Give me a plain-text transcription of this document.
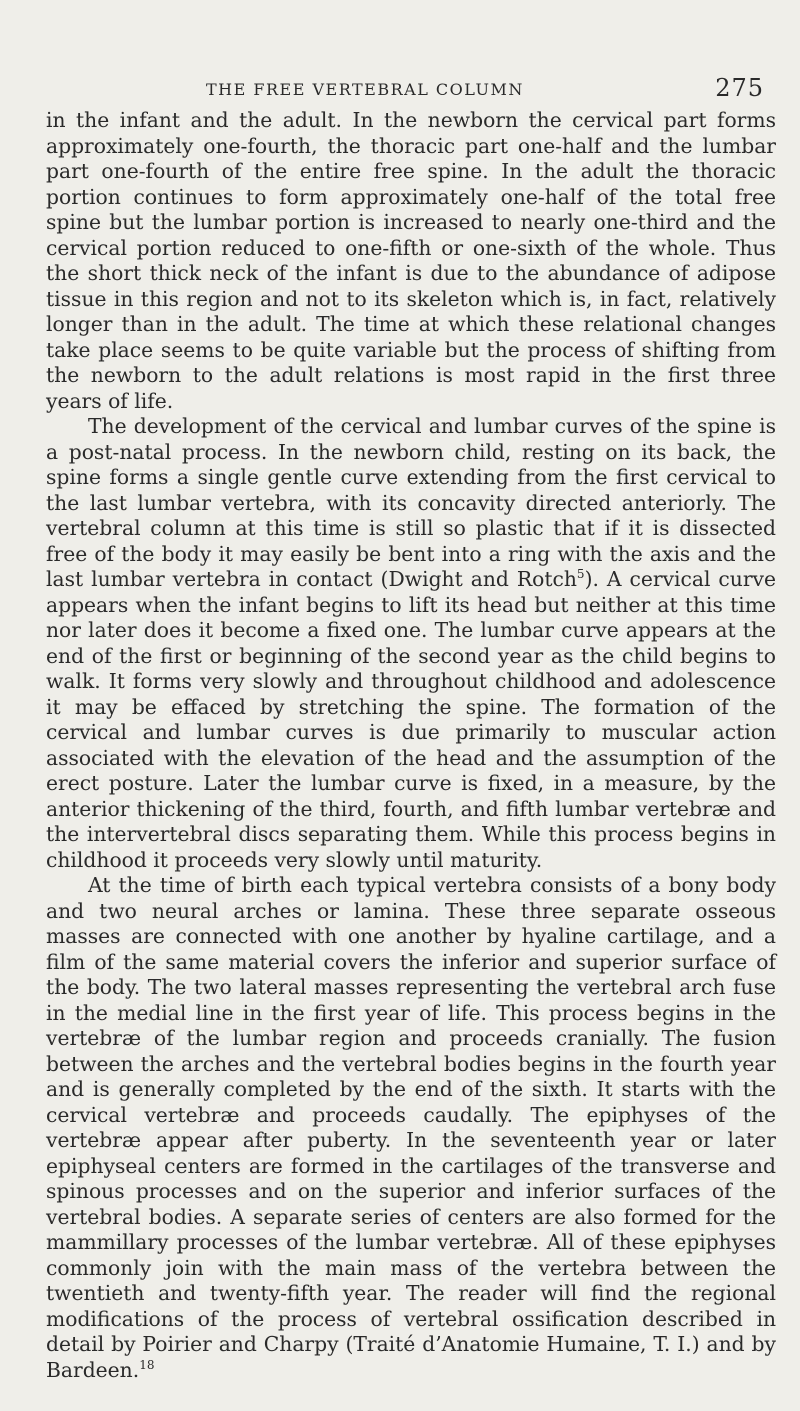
THE FREE VERTEBRAL COLUMN	275

in the infant and the adult. In the newborn the cervical part forms approximately one-fourth, the thoracic part one-half and the lumbar part one-fourth of the entire free spine. In the adult the thoracic portion continues to form approximately one-half of the total free spine but the lumbar portion is increased to nearly one-third and the cervical portion reduced to one-fifth or one-sixth of the whole. Thus the short thick neck of the infant is due to the abundance of adipose tissue in this region and not to its skeleton which is, in fact, relatively longer than in the adult. The time at which these relational changes take place seems to be quite variable but the process of shifting from the newborn to the adult relations is most rapid in the first three years of life.

The development of the cervical and lumbar curves of the spine is a post-natal process. In the newborn child, resting on its back, the spine forms a single gentle curve extending from the first cervical to the last lumbar vertebra, with its concavity directed anteriorly. The vertebral column at this time is still so plastic that if it is dissected free of the body it may easily be bent into a ring with the axis and the last lumbar vertebra in contact (Dwight and Rotch$^5$). A cervical curve appears when the infant begins to lift its head but neither at this time nor later does it become a fixed one. The lumbar curve appears at the end of the first or beginning of the second year as the child begins to walk. It forms very slowly and throughout childhood and adolescence it may be effaced by stretching the spine. The formation of the cervical and lumbar curves is due primarily to muscular action associated with the elevation of the head and the assumption of the erect posture. Later the lumbar curve is fixed, in a measure, by the anterior thickening of the third, fourth, and fifth lumbar vertebræ and the intervertebral discs separating them. While this process begins in childhood it proceeds very slowly until maturity.

At the time of birth each typical vertebra consists of a bony body and two neural arches or lamina. These three separate osseous masses are connected with one another by hyaline cartilage, and a film of the same material covers the inferior and superior surface of the body. The two lateral masses representing the vertebral arch fuse in the medial line in the first year of life. This process begins in the vertebræ of the lumbar region and proceeds cranially. The fusion between the arches and the vertebral bodies begins in the fourth year and is generally completed by the end of the sixth. It starts with the cervical vertebræ and proceeds caudally. The epiphyses of the vertebræ appear after puberty. In the seventeenth year or later epiphyseal centers are formed in the cartilages of the transverse and spinous processes and on the superior and inferior surfaces of the vertebral bodies. A separate series of centers are also formed for the mammillary processes of the lumbar vertebræ. All of these epiphyses commonly join with the main mass of the vertebra between the twentieth and twenty-fifth year. The reader will find the regional modifications of the process of vertebral ossification described in detail by Poirier and Charpy (Traité d’Anatomie Humaine, T. I.) and by Bardeen.$^{18}$
